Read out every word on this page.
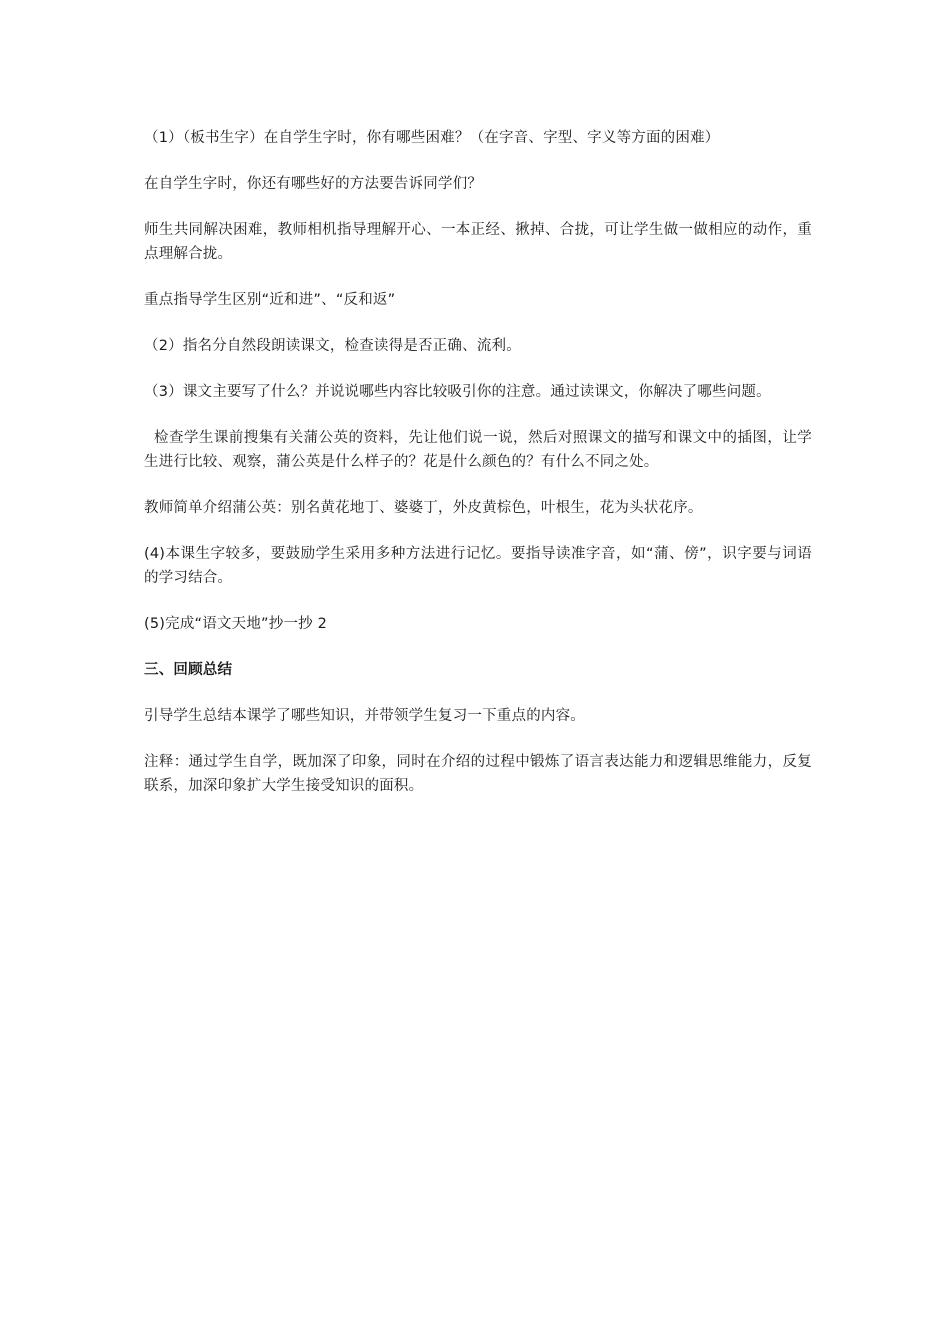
（1）（板书生字）在自学生字时，你有哪些困难？（在字音、字型、字义等方面的困难）

在自学生字时，你还有哪些好的方法要告诉同学们？

师生共同解决困难，教师相机指导理解开心、一本正经、揪掉、合拢，可让学生做一做相应的动作，重点理解合拢。

重点指导学生区别“近和进”、“反和返”

（2）指名分自然段朗读课文，检查读得是否正确、流利。

（3）课文主要写了什么？并说说哪些内容比较吸引你的注意。通过读课文，你解决了哪些问题。

检查学生课前搜集有关蒲公英的资料，先让他们说一说，然后对照课文的描写和课文中的插图，让学生进行比较、观察，蒲公英是什么样子的？花是什么颜色的？有什么不同之处。

教师简单介绍蒲公英：别名黄花地丁、婆婆丁，外皮黄棕色，叶根生，花为头状花序。

(4)本课生字较多，要鼓励学生采用多种方法进行记忆。要指导读准字音，如“蒲、傍”，识字要与词语的学习结合。

(5)完成“语文天地”抄一抄 2

三、回顾总结

引导学生总结本课学了哪些知识，并带领学生复习一下重点的内容。

注释：通过学生自学，既加深了印象，同时在介绍的过程中锻炼了语言表达能力和逻辑思维能力，反复联系，加深印象扩大学生接受知识的面积。
